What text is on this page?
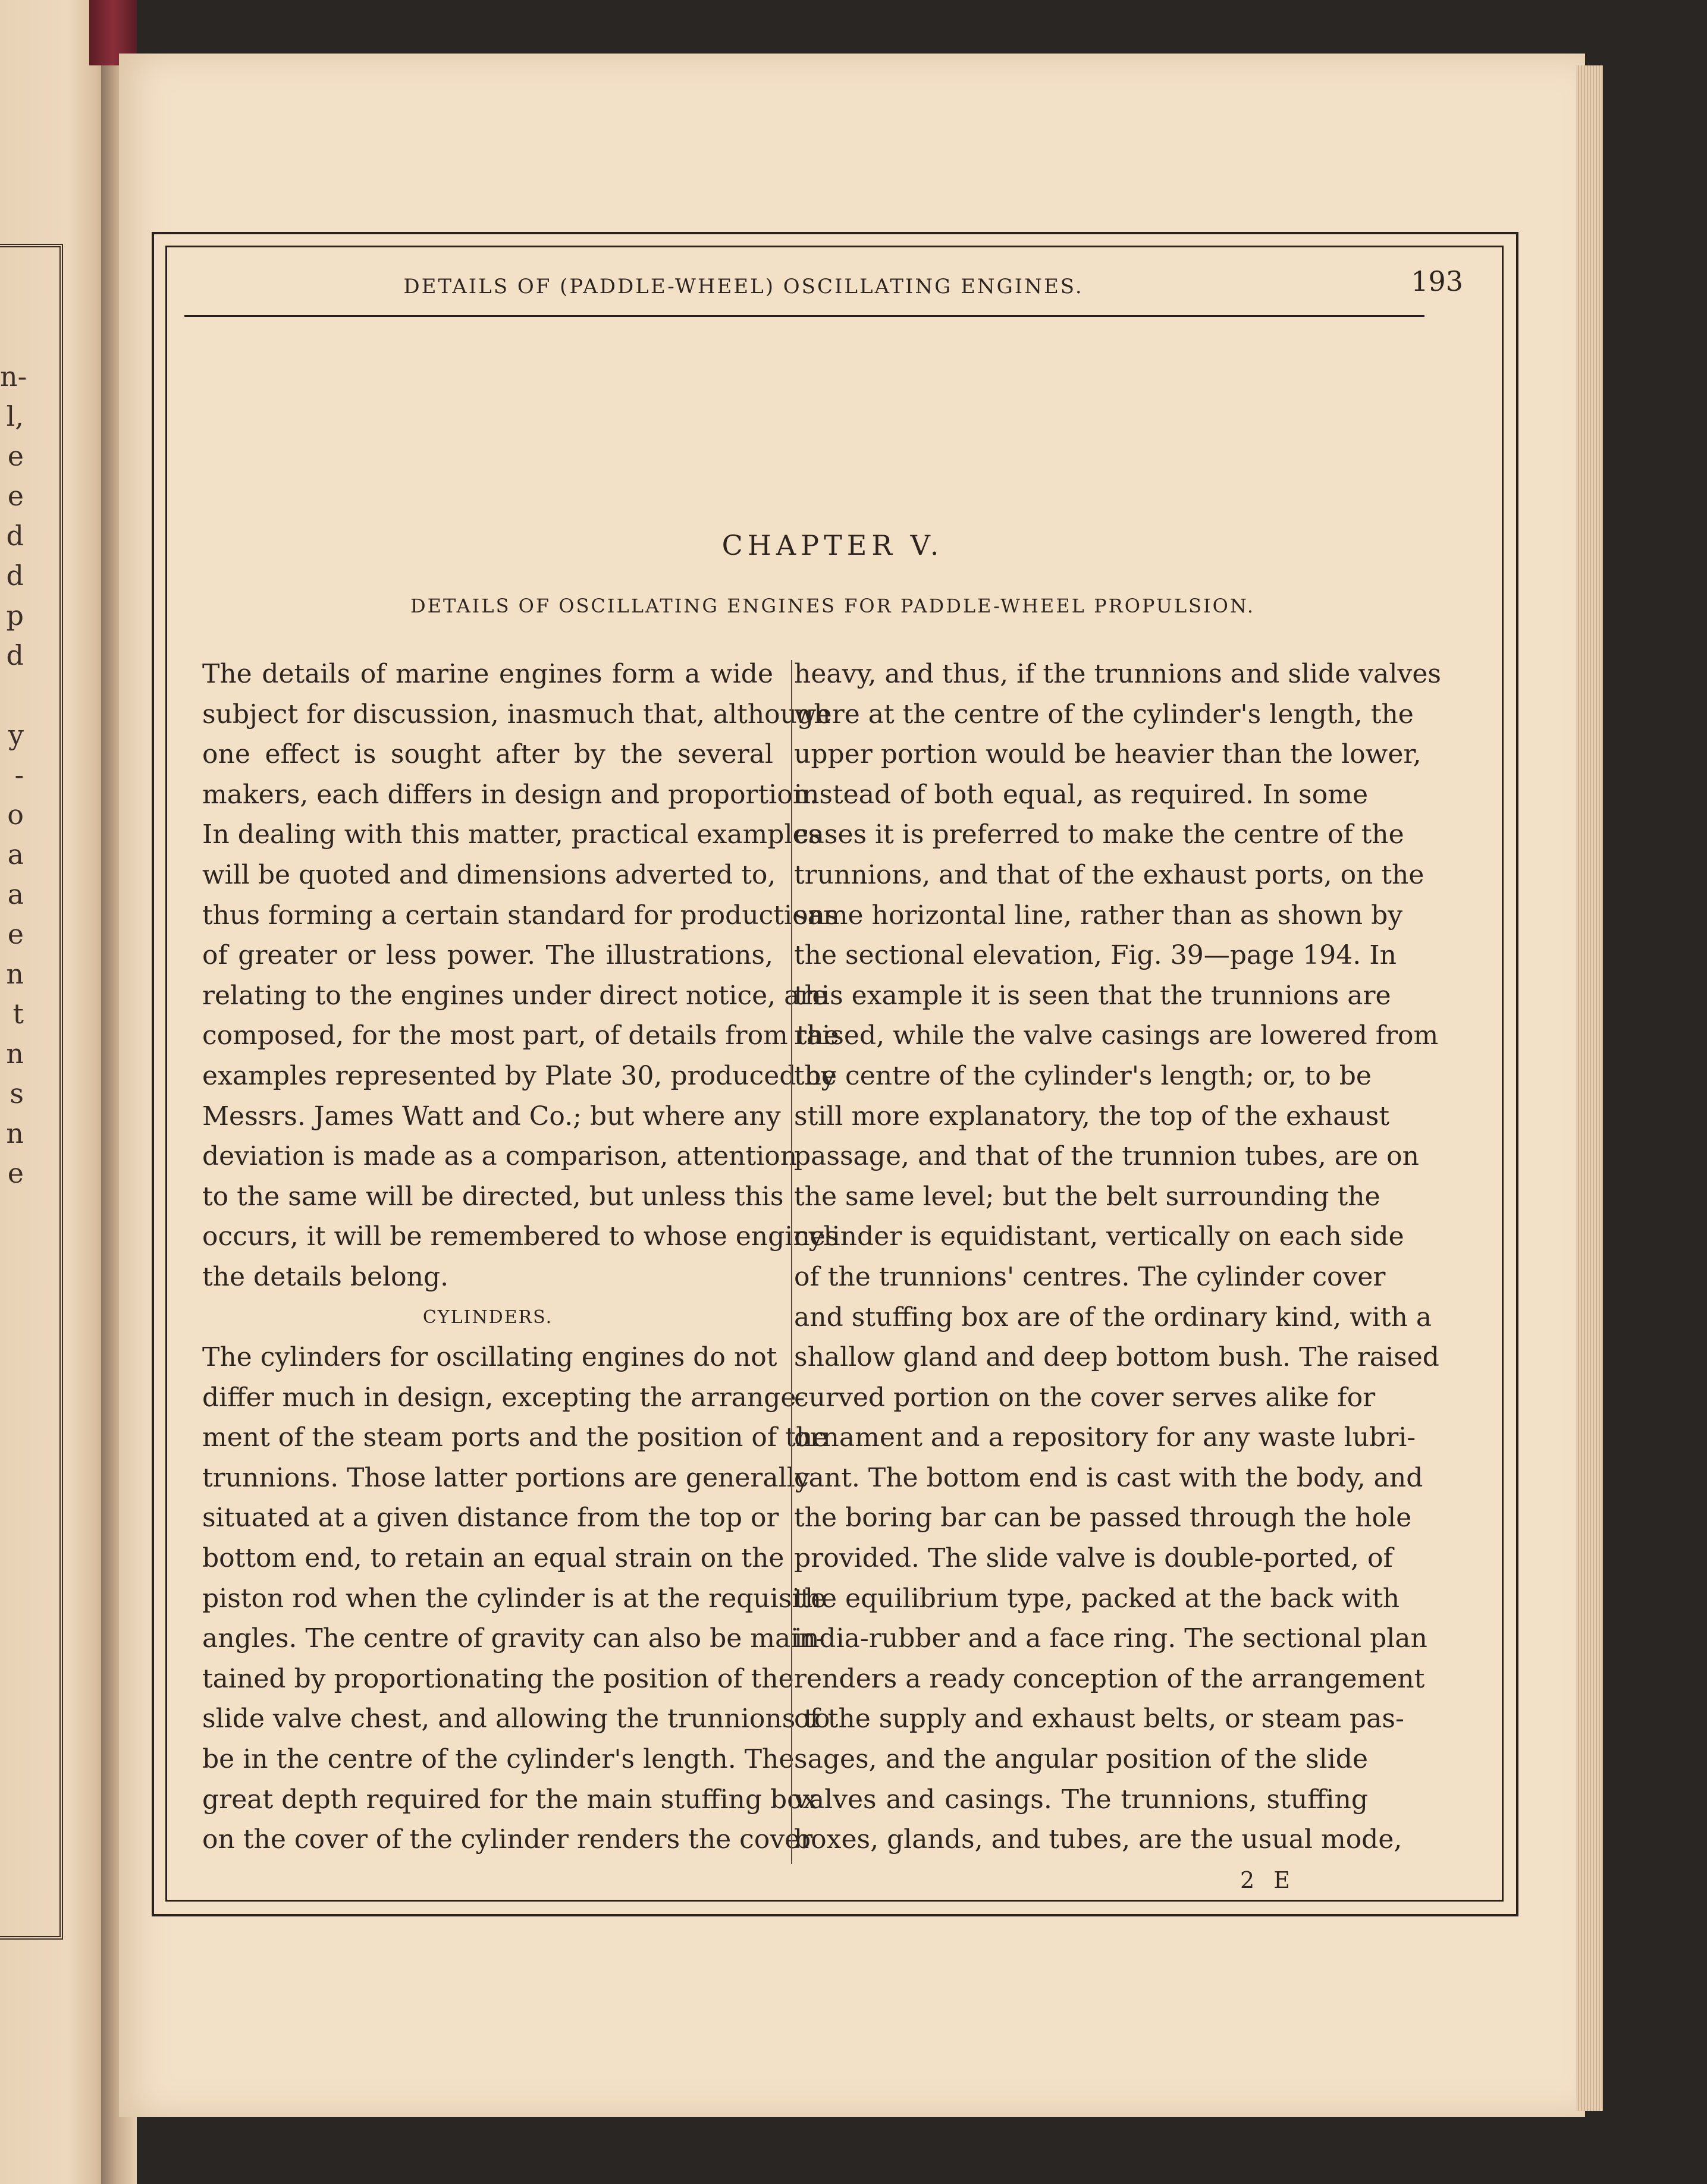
n-
l,
e
e
d
d
p
d
y
-
o
a
a
e
n
t
n
s
n
e
DETAILS OF (PADDLE-WHEEL) OSCILLATING ENGINES.	193
CHAPTER V.
DETAILS OF OSCILLATING ENGINES FOR PADDLE-WHEEL PROPULSION.
The details of marine engines form a wide
subject for discussion, inasmuch that, although
one effect is sought after by the several
makers, each differs in design and proportion.
In dealing with this matter, practical examples
will be quoted and dimensions adverted to,
thus forming a certain standard for productions
of greater or less power. The illustrations,
relating to the engines under direct notice, are
composed, for the most part, of details from the
examples represented by Plate 30, produced by
Messrs. James Watt and Co.; but where any
deviation is made as a comparison, attention
to the same will be directed, but unless this
occurs, it will be remembered to whose engines
the details belong.
CYLINDERS.
The cylinders for oscillating engines do not
differ much in design, excepting the arrange-
ment of the steam ports and the position of the
trunnions. Those latter portions are generally
situated at a given distance from the top or
bottom end, to retain an equal strain on the
piston rod when the cylinder is at the requisite
angles. The centre of gravity can also be main-
tained by proportionating the position of the
slide valve chest, and allowing the trunnions to
be in the centre of the cylinder's length. The
great depth required for the main stuffing box
on the cover of the cylinder renders the cover
heavy, and thus, if the trunnions and slide valves
were at the centre of the cylinder's length, the
upper portion would be heavier than the lower,
instead of both equal, as required. In some
cases it is preferred to make the centre of the
trunnions, and that of the exhaust ports, on the
same horizontal line, rather than as shown by
the sectional elevation, Fig. 39—page 194. In
this example it is seen that the trunnions are
raised, while the valve casings are lowered from
the centre of the cylinder's length; or, to be
still more explanatory, the top of the exhaust
passage, and that of the trunnion tubes, are on
the same level; but the belt surrounding the
cylinder is equidistant, vertically on each side
of the trunnions' centres. The cylinder cover
and stuffing box are of the ordinary kind, with a
shallow gland and deep bottom bush. The raised
curved portion on the cover serves alike for
ornament and a repository for any waste lubri-
cant. The bottom end is cast with the body, and
the boring bar can be passed through the hole
provided. The slide valve is double-ported, of
the equilibrium type, packed at the back with
india-rubber and a face ring. The sectional plan
renders a ready conception of the arrangement
of the supply and exhaust belts, or steam pas-
sages, and the angular position of the slide
valves and casings. The trunnions, stuffing
boxes, glands, and tubes, are the usual mode,
2 E
